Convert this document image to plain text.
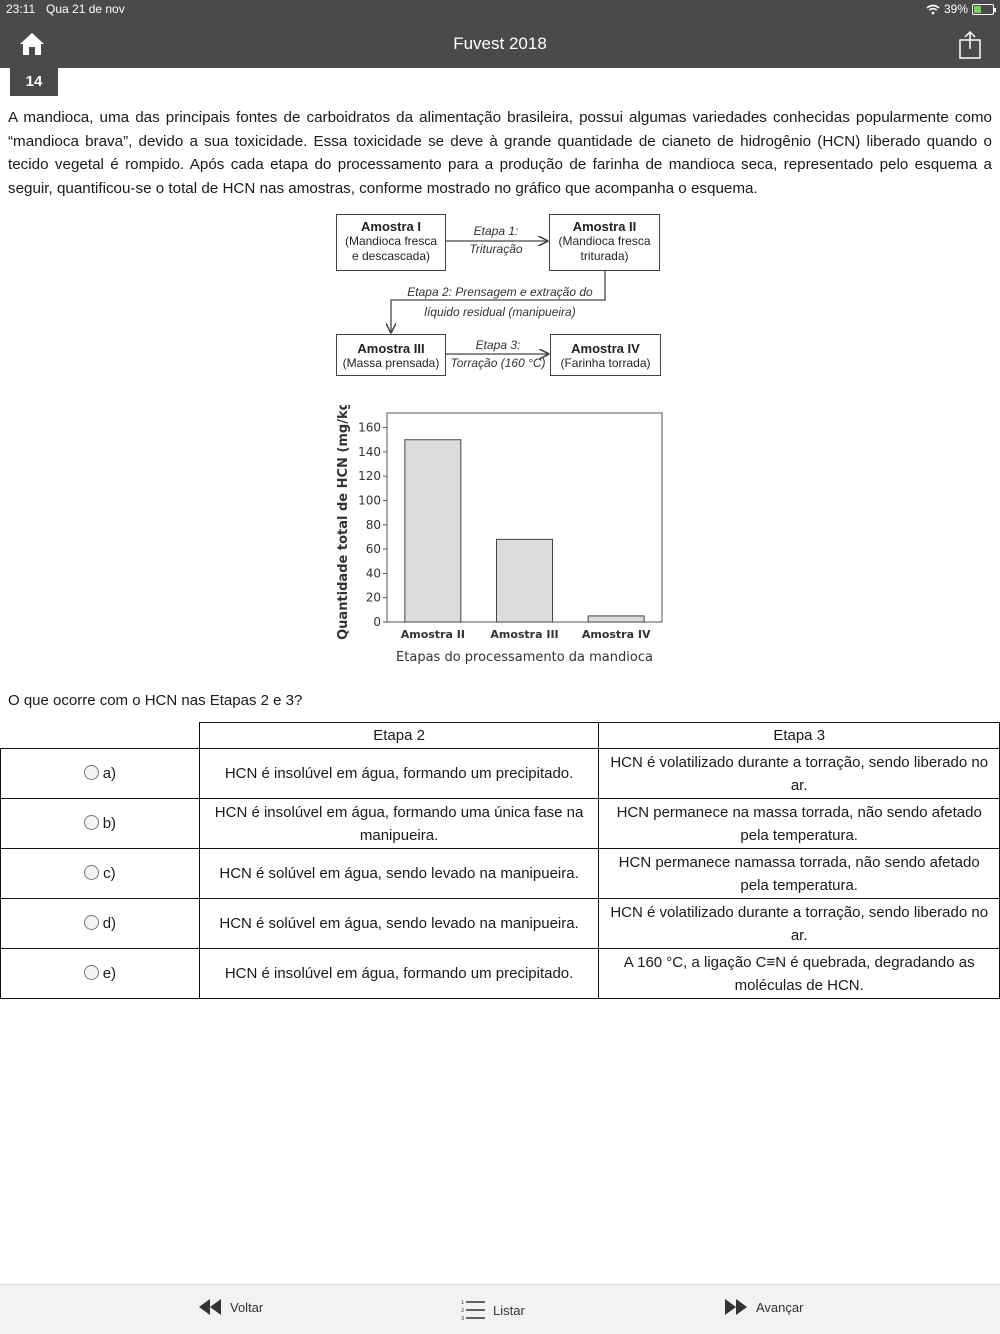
23:11 Qua 21 de nov	39%
Fuvest 2018
14

A mandioca, uma das principais fontes de carboidratos da alimentação brasileira, possui algumas variedades conhecidas popularmente como “mandioca brava”, devido a sua toxicidade. Essa toxicidade se deve à grande quantidade de cianeto de hidrogênio (HCN) liberado quando o tecido vegetal é rompido. Após cada etapa do processamento para a produção de farinha de mandioca seca, representado pelo esquema a seguir, quantificou-se o total de HCN nas amostras, conforme mostrado no gráfico que acompanha o esquema.

Amostra I
(Mandioca fresca
e descascada)
Etapa 1:
Trituração
Amostra II
(Mandioca fresca
triturada)
Etapa 2: Prensagem e extração do
líquido residual (manipueira)
Amostra III
(Massa prensada)
Etapa 3:
Torração (160 °C)
Amostra IV
(Farinha torrada)
0
20
40
60
80
100
120
140
160
Amostra II Amostra III Amostra IV
Etapas do processamento da mandioca
Quantidade total de HCN (mg/kg)

O que ocorre com o HCN nas Etapas 2 e 3?

	Etapa 2	Etapa 3
a)	HCN é insolúvel em água, formando um precipitado.	HCN é volatilizado durante a torração, sendo liberado no ar.
b)	HCN é insolúvel em água, formando uma única fase na manipueira.	HCN permanece na massa torrada, não sendo afetado pela temperatura.
c)	HCN é solúvel em água, sendo levado na manipueira.	HCN permanece namassa torrada, não sendo afetado pela temperatura.
d)	HCN é solúvel em água, sendo levado na manipueira.	HCN é volatilizado durante a torração, sendo liberado no ar.
e)	HCN é insolúvel em água, formando um precipitado.	A 160 °C, a ligação C≡N é quebrada, degradando as moléculas de HCN.
Voltar	1
2
3
Listar	Avançar
